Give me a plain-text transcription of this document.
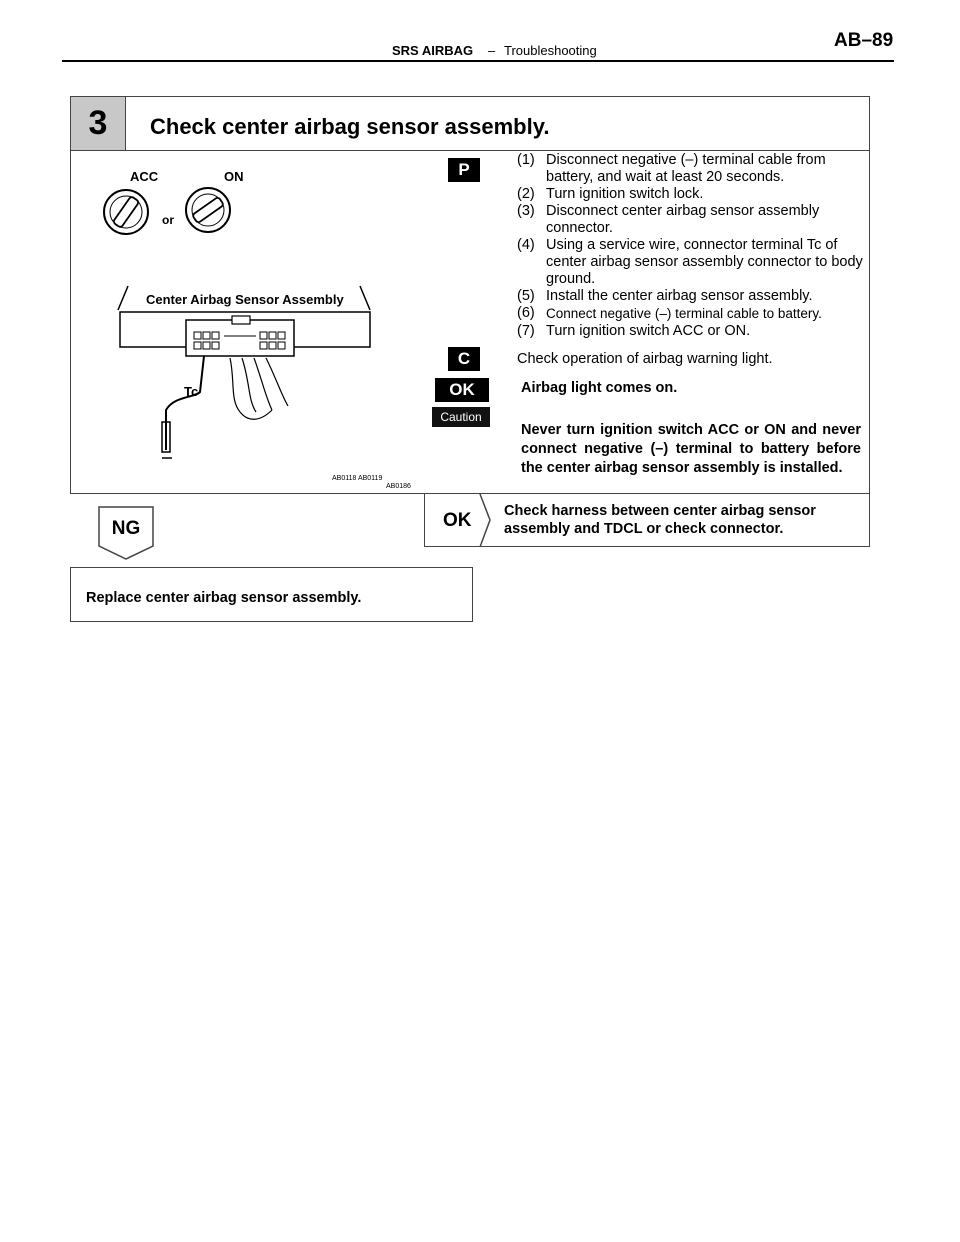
SRS AIRBAG – Troubleshooting	AB–89
3	Check center airbag sensor assembly.
ACC	ON
or
Center Airbag Sensor Assembly
Tc
AB0118 AB0119
AB0186
P
C
OK
Caution
(1) Disconnect negative (–) terminal cable from battery, and wait at least 20 seconds.
(2) Turn ignition switch lock.
(3) Disconnect center airbag sensor assembly connector.
(4) Using a service wire, connector terminal Tc of center airbag sensor assembly connector to body ground.
(5) Install the center airbag sensor assembly.
(6) Connect negative (–) terminal cable to battery.
(7) Turn ignition switch ACC or ON.
Check operation of airbag warning light.
Airbag light comes on.
Never turn ignition switch ACC or ON and never connect negative (–) terminal to battery before the center airbag sensor assembly is installed.
OK Check harness between center airbag sensor assembly and TDCL or check connector.
NG
Replace center airbag sensor assembly.
